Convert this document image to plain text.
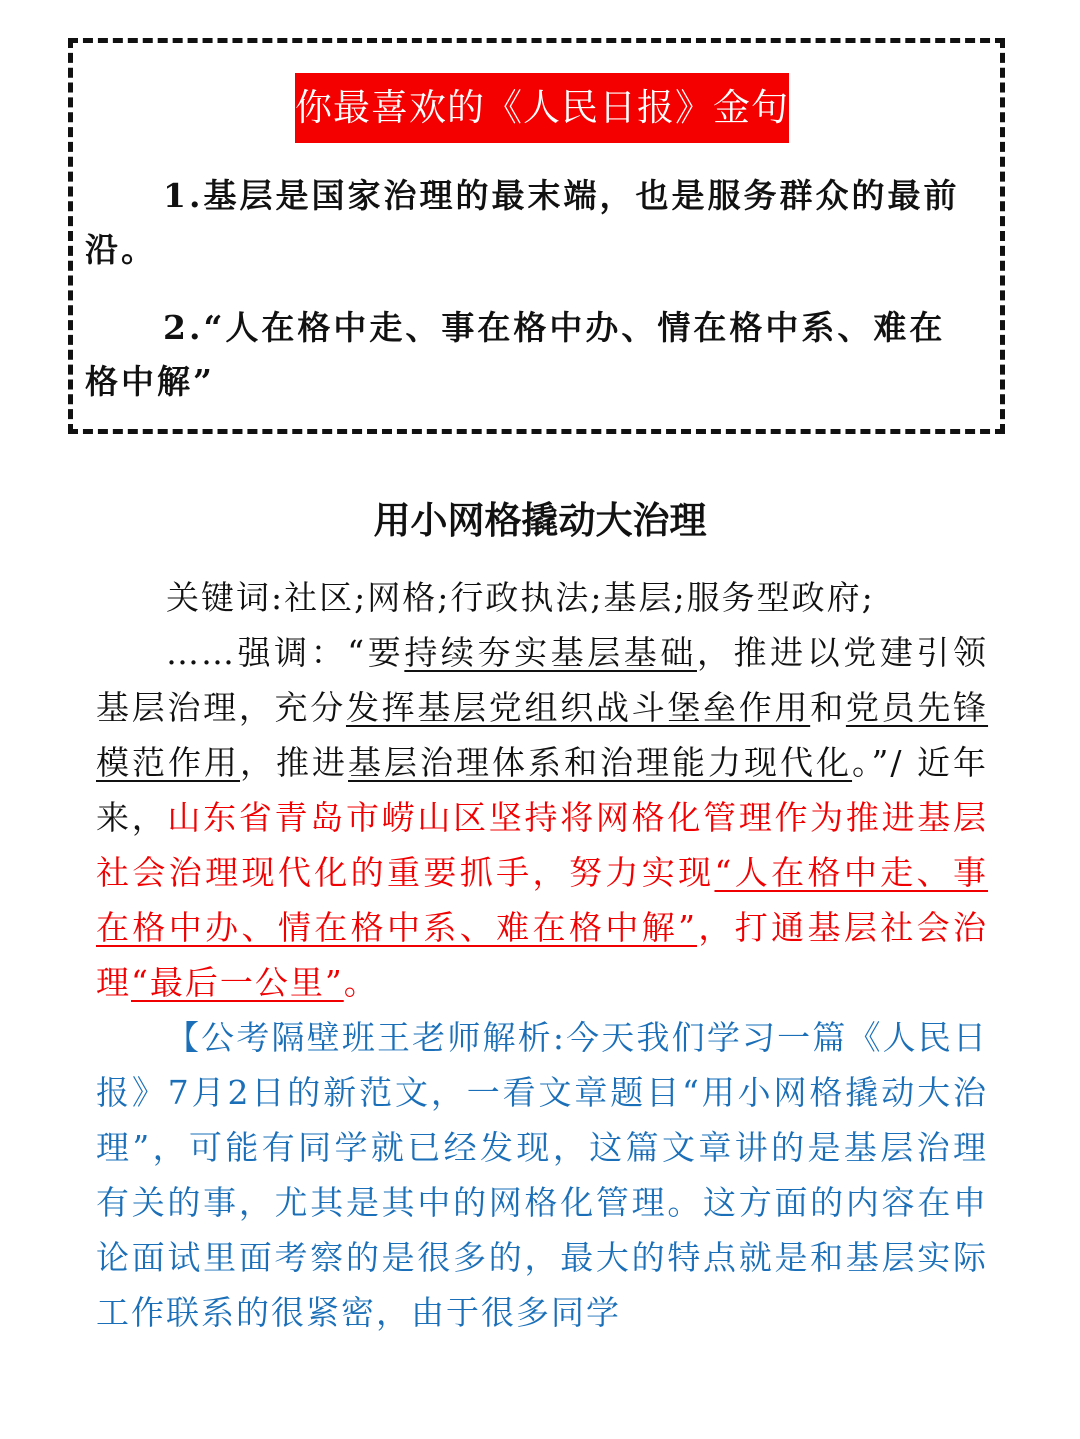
你最喜欢的《人民日报》金句

1.基层是国家治理的最末端，也是服务群众的最前沿。

2.“人在格中走、事在格中办、情在格中系、难在格中解”

用小网格撬动大治理

关键词:社区;网格;行政执法;基层;服务型政府;

……强调：“要持续夯实基层基础，推进以党建引领基层治理，充分发挥基层党组织战斗堡垒作用和党员先锋模范作用，推进基层治理体系和治理能力现代化。”/ 近年来，山东省青岛市崂山区坚持将网格化管理作为推进基层社会治理现代化的重要抓手，努力实现“人在格中走、事在格中办、情在格中系、难在格中解”，打通基层社会治理“最后一公里”。

【公考隔壁班王老师解析:今天我们学习一篇《人民日报》7月2日的新范文，一看文章题目“用小网格撬动大治理”，可能有同学就已经发现，这篇文章讲的是基层治理有关的事，尤其是其中的网格化管理。这方面的内容在申论面试里面考察的是很多的，最大的特点就是和基层实际工作联系的很紧密，由于很多同学
